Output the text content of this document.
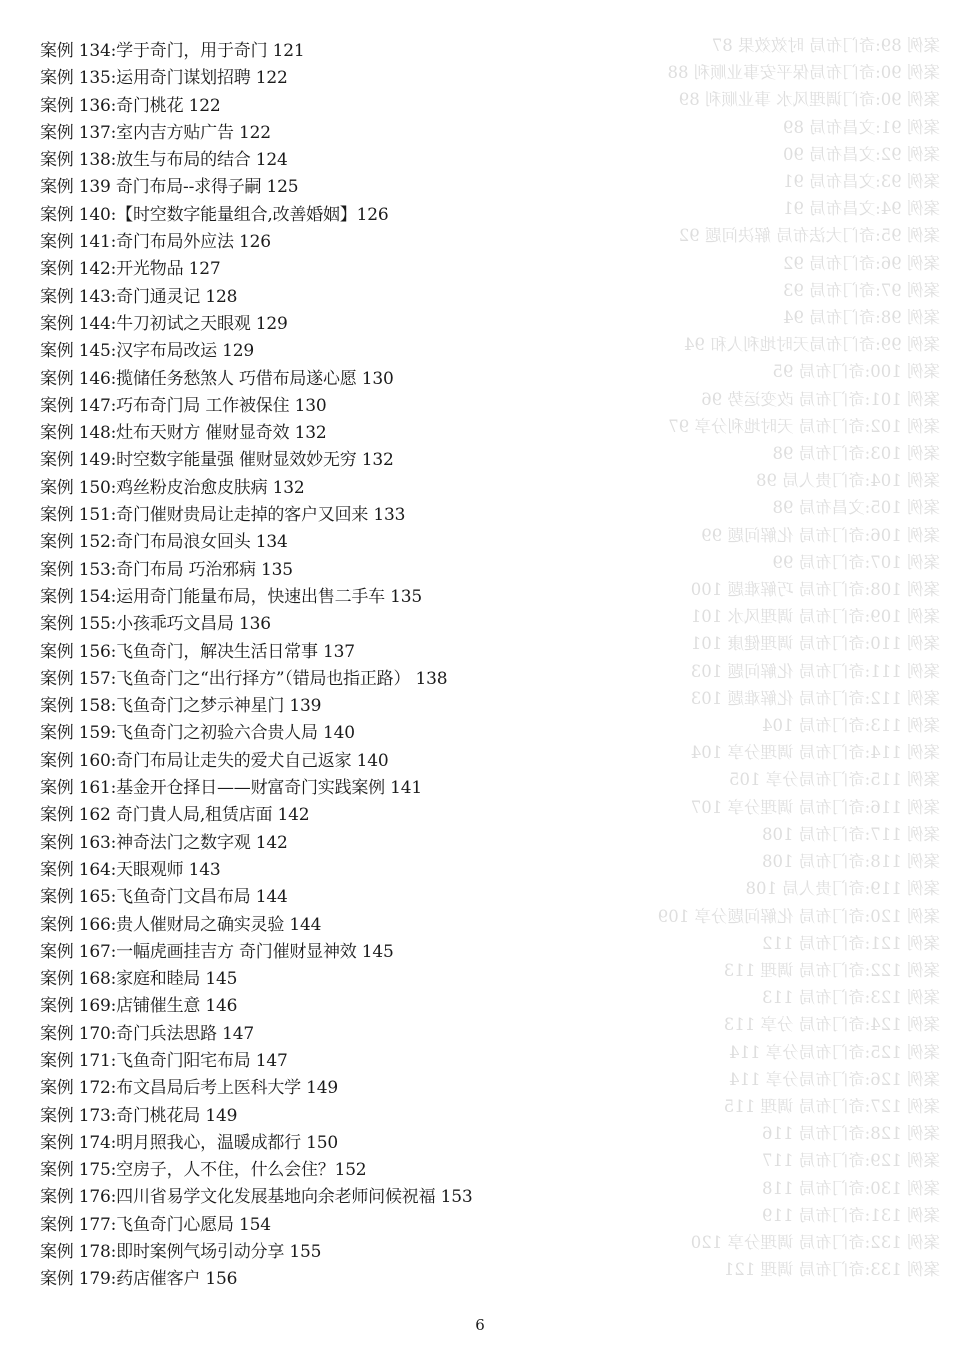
案例 89:奇门布局 时效效果 87
案例 90:奇门布局保平安事业顺利 88
案例 90:奇门调理风水 事业顺利 89
案例 91:文昌布局 89
案例 92:文昌布局 90
案例 93:文昌布局 91
案例 94:文昌布局 91
案例 95:奇门大法布局 解决问题 92
案例 96:奇门布局 92
案例 97:奇门布局 93
案例 98:奇门布局 94
案例 99:奇门布局天时地利人和 94
案例 100:奇门布局 95
案例 101:奇门布局 改变运势 96
案例 102:奇门布局 天时地利分享 97
案例 103:奇门布局 98
案例 104:奇门贵人局 98
案例 105:文昌布局 98
案例 106:奇门布局 化解问题 99
案例 107:奇门布局 99
案例 108:奇门布局 巧解难题 100
案例 109:奇门布局 调理风水 101
案例 110:奇门布局 调理健康 101
案例 111:奇门布局 化解问题 103
案例 112:奇门布局 化解难题 103
案例 113:奇门布局 104
案例 114:奇门布局 调理分享 104
案例 115:奇门布局分享 105
案例 116:奇门布局 调理分享 107
案例 117:奇门布局 108
案例 118:奇门布局 108
案例 119:奇门贵人局 108
案例 120:奇门布局 化解问题分享 109
案例 121:奇门布局 112
案例 122:奇门布局 调理 113
案例 123:奇门布局 113
案例 124:奇门布局 分享 113
案例 125:奇门布局分享 114
案例 126:奇门布局分享 114
案例 127:奇门布局 调理 115
案例 128:奇门布局 116
案例 129:奇门布局 117
案例 130:奇门布局 118
案例 131:奇门布局 119
案例 132:奇门布局 调理分享 120
案例 133:奇门布局 调理 121
案例 134:学于奇门，用于奇门 121
案例 135:运用奇门谋划招聘 122
案例 136:奇门桃花 122
案例 137:室内吉方贴广告 122
案例 138:放生与布局的结合 124
案例 139 奇门布局--求得子嗣 125
案例 140:【时空数字能量组合,改善婚姻】126
案例 141:奇门布局外应法 126
案例 142:开光物品 127
案例 143:奇门通灵记 128
案例 144:牛刀初试之天眼观 129
案例 145:汉字布局改运 129
案例 146:揽储任务愁煞人 巧借布局遂心愿 130
案例 147:巧布奇门局 工作被保住 130
案例 148:灶布天财方 催财显奇效 132
案例 149:时空数字能量强 催财显效妙无穷 132
案例 150:鸡丝粉皮治愈皮肤病 132
案例 151:奇门催财贵局让走掉的客户又回来 133
案例 152:奇门布局浪女回头 134
案例 153:奇门布局 巧治邪病 135
案例 154:运用奇门能量布局，快速出售二手车 135
案例 155:小孩乖巧文昌局 136
案例 156:飞鱼奇门，解决生活日常事 137
案例 157:飞鱼奇门之“出行择方”（错局也指正路） 138
案例 158:飞鱼奇门之梦示神星门 139
案例 159:飞鱼奇门之初验六合贵人局 140
案例 160:奇门布局让走失的爱犬自己返家 140
案例 161:基金开仓择日——财富奇门实践案例 141
案例 162 奇门貴人局,租赁店面 142
案例 163:神奇法门之数字观 142
案例 164:天眼观师 143
案例 165:飞鱼奇门文昌布局 144
案例 166:贵人催财局之确实灵验 144
案例 167:一幅虎画挂吉方 奇门催财显神效 145
案例 168:家庭和睦局 145
案例 169:店铺催生意 146
案例 170:奇门兵法思路 147
案例 171:飞鱼奇门阳宅布局 147
案例 172:布文昌局后考上医科大学 149
案例 173:奇门桃花局 149
案例 174:明月照我心，温暖成都行 150
案例 175:空房子，人不住，什么会住？152
案例 176:四川省易学文化发展基地向余老师问候祝福 153
案例 177:飞鱼奇门心愿局 154
案例 178:即时案例气场引动分享 155
案例 179:药店催客户 156
6
